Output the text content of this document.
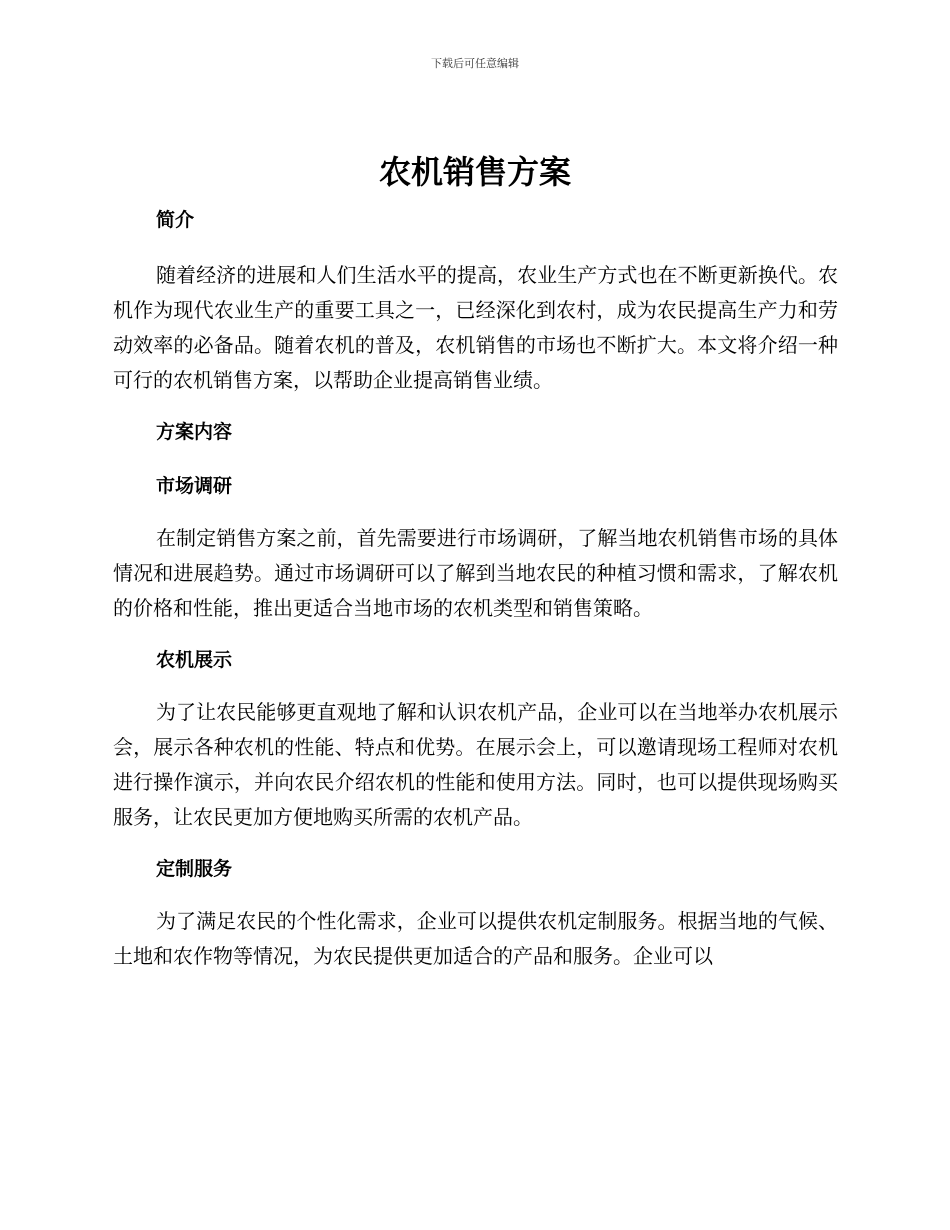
下载后可任意编辑
农机销售方案
简介

随着经济的进展和人们生活水平的提高，农业生产方式也在不断更新换代。农机作为现代农业生产的重要工具之一，已经深化到农村，成为农民提高生产力和劳动效率的必备品。随着农机的普及，农机销售的市场也不断扩大。本文将介绍一种可行的农机销售方案，以帮助企业提高销售业绩。

方案内容
市场调研

在制定销售方案之前，首先需要进行市场调研，了解当地农机销售市场的具体情况和进展趋势。通过市场调研可以了解到当地农民的种植习惯和需求，了解农机的价格和性能，推出更适合当地市场的农机类型和销售策略。

农机展示

为了让农民能够更直观地了解和认识农机产品，企业可以在当地举办农机展示会，展示各种农机的性能、特点和优势。在展示会上，可以邀请现场工程师对农机进行操作演示，并向农民介绍农机的性能和使用方法。同时，也可以提供现场购买服务，让农民更加方便地购买所需的农机产品。

定制服务

为了满足农民的个性化需求，企业可以提供农机定制服务。根据当地的气候、土地和农作物等情况，为农民提供更加适合的产品和服务。企业可以
